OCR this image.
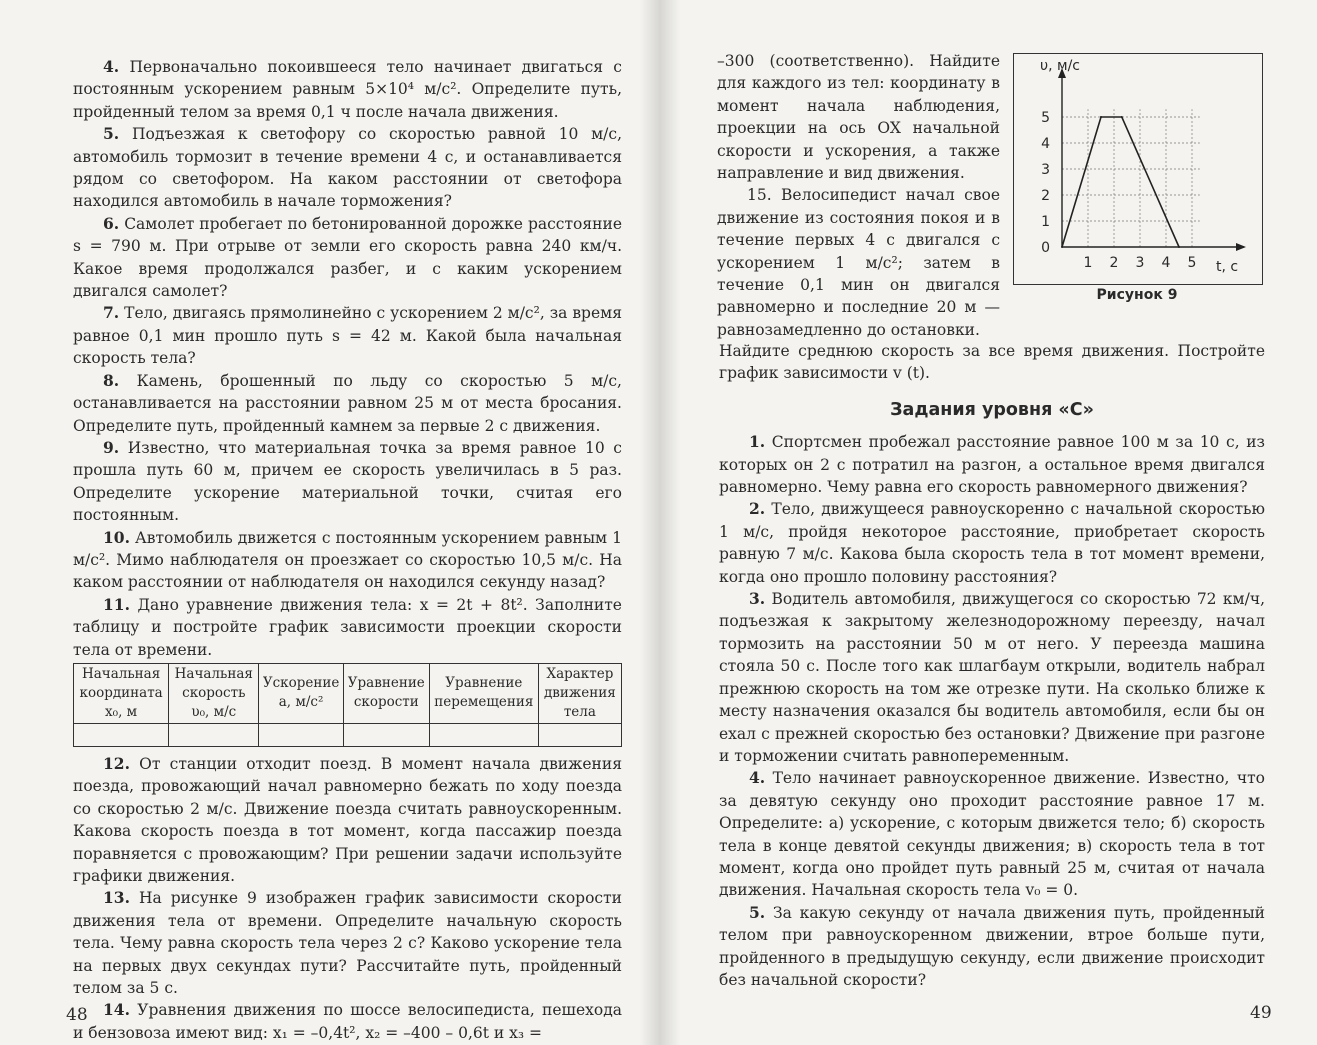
4. Первоначально покоившееся тело начинает двигаться с постоянным ускорением равным 5×10⁴ м/с². Определите путь, пройденный телом за время 0,1 ч после начала движения.

5. Подъезжая к светофору со скоростью равной 10 м/с, автомобиль тормозит в течение времени 4 с, и останавливается рядом со светофором. На каком расстоянии от светофора находился автомобиль в начале торможения?

6. Самолет пробегает по бетонированной дорожке расстояние s = 790 м. При отрыве от земли его скорость равна 240 км/ч. Какое время продолжался разбег, и с каким ускорением двигался самолет?

7. Тело, двигаясь прямолинейно с ускорением 2 м/с², за время равное 0,1 мин прошло путь s = 42 м. Какой была начальная скорость тела?

8. Камень, брошенный по льду со скоростью 5 м/с, останавливается на расстоянии равном 25 м от места бросания. Определите путь, пройденный камнем за первые 2 с движения.

9. Известно, что материальная точка за время равное 10 с прошла путь 60 м, причем ее скорость увеличилась в 5 раз. Определите ускорение материальной точки, считая его постоянным.

10. Автомобиль движется с постоянным ускорением равным 1 м/с². Мимо наблюдателя он проезжает со скоростью 10,5 м/с. На каком расстоянии от наблюдателя он находился секунду назад?

11. Дано уравнение движения тела: x = 2t + 8t². Заполните таблицу и постройте график зависимости проекции скорости тела от времени.

Начальная координата x₀, м	Начальная скорость υ₀, м/с	Ускорение a, м/с²	Уравнение скорости	Уравнение перемещения	Характер движения тела

12. От станции отходит поезд. В момент начала движения поезда, провожающий начал равномерно бежать по ходу поезда со скоростью 2 м/с. Движение поезда считать равноускоренным. Какова скорость поезда в тот момент, когда пассажир поезда поравняется с провожающим? При решении задачи используйте графики движения.

13. На рисунке 9 изображен график зависимости скорости движения тела от времени. Определите начальную скорость тела. Чему равна скорость тела через 2 с? Каково ускорение тела на первых двух секундах пути? Рассчитайте путь, пройденный телом за 5 с.

14. Уравнения движения по шоссе велосипедиста, пешехода и бензовоза имеют вид: x₁ = –0,4t², x₂ = –400 – 0,6t и x₃ =

48

–300 (соответственно). Найдите для каждого из тел: координату в момент начала наблюдения, проекции на ось OX начальной скорости и ускорения, а также направление и вид движения.

15. Велосипедист начал свое движение из состояния покоя и в течение первых 4 с двигался с ускорением 1 м/с²; затем в течение 0,1 мин он двигался равномерно и последние 20 м — равнозамедленно до остановки.

0
1
2
3
4
5
1 2 3 4 5
υ, м/с
t, с
Рисунок 9

Найдите среднюю скорость за все время движения. Постройте график зависимости v (t).

Задания уровня «С»

1. Спортсмен пробежал расстояние равное 100 м за 10 с, из которых он 2 с потратил на разгон, а остальное время двигался равномерно. Чему равна его скорость равномерного движения?

2. Тело, движущееся равноускоренно с начальной скоростью 1 м/с, пройдя некоторое расстояние, приобретает скорость равную 7 м/с. Какова была скорость тела в тот момент времени, когда оно прошло половину расстояния?

3. Водитель автомобиля, движущегося со скоростью 72 км/ч, подъезжая к закрытому железнодорожному переезду, начал тормозить на расстоянии 50 м от него. У переезда машина стояла 50 с. После того как шлагбаум открыли, водитель набрал прежнюю скорость на том же отрезке пути. На сколько ближе к месту назначения оказался бы водитель автомобиля, если бы он ехал с прежней скоростью без остановки? Движение при разгоне и торможении считать равнопеременным.

4. Тело начинает равноускоренное движение. Известно, что за девятую секунду оно проходит расстояние равное 17 м. Определите: а) ускорение, с которым движется тело; б) скорость тела в конце девятой секунды движения; в) скорость тела в тот момент, когда оно пройдет путь равный 25 м, считая от начала движения. Начальная скорость тела v₀ = 0.

5. За какую секунду от начала движения путь, пройденный телом при равноускоренном движении, втрое больше пути, пройденного в предыдущую секунду, если движение происходит без начальной скорости?

49
